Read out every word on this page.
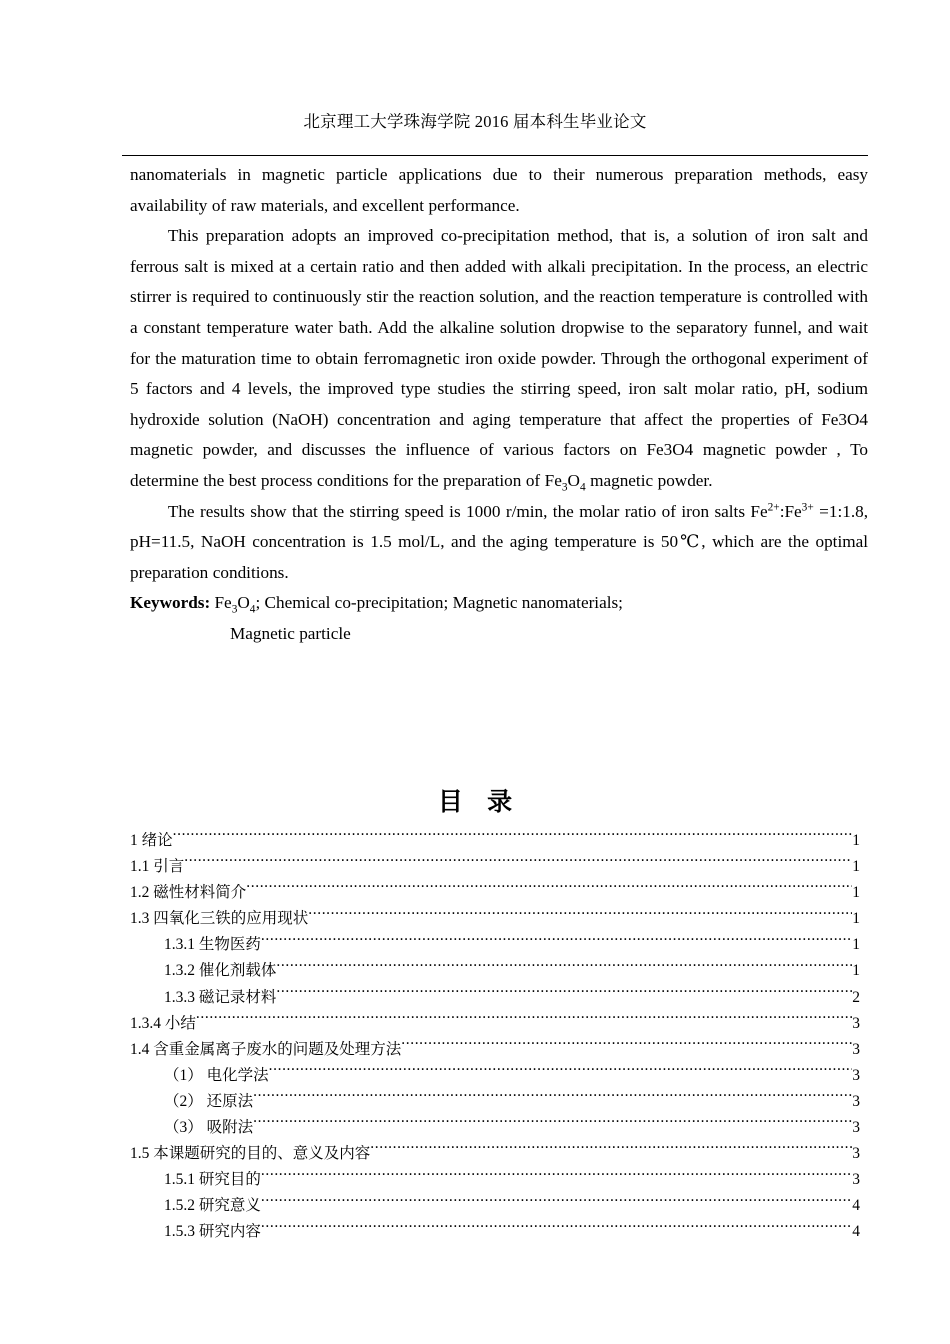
北京理工大学珠海学院 2016 届本科生毕业论文

nanomaterials in magnetic particle applications due to their numerous preparation methods, easy availability of raw materials, and excellent performance.

This preparation adopts an improved co-precipitation method, that is, a solution of iron salt and ferrous salt is mixed at a certain ratio and then added with alkali precipitation. In the process, an electric stirrer is required to continuously stir the reaction solution, and the reaction temperature is controlled with a constant temperature water bath. Add the alkaline solution dropwise to the separatory funnel, and wait for the maturation time to obtain ferromagnetic iron oxide powder. Through the orthogonal experiment of 5 factors and 4 levels, the improved type studies the stirring speed, iron salt molar ratio, pH, sodium hydroxide solution (NaOH) concentration and aging temperature that affect the properties of Fe3O4 magnetic powder, and discusses the influence of various factors on Fe3O4 magnetic powder , To determine the best process conditions for the preparation of $Fe_3O_4$ magnetic powder.

The results show that the stirring speed is 1000 r/min, the molar ratio of iron salts $Fe^{2+}:Fe^{3+}$ =1:1.8, pH=11.5, NaOH concentration is 1.5 mol/L, and the aging temperature is 50℃, which are the optimal preparation conditions.

Keywords: $Fe_3O_4$; Chemical co-precipitation; Magnetic nanomaterials;

Magnetic particle

目 录
1 绪论 .....	1
1.1 引言 .....	1
1.2 磁性材料简介 .....	1
1.3 四氧化三铁的应用现状 .....	1
1.3.1 生物医药 .....	1
1.3.2 催化剂载体 .....	1
1.3.3 磁记录材料 .....	2
1.3.4 小结 .....	3
1.4 含重金属离子废水的问题及处理方法 .....	3
（1） 电化学法 .....	3
（2） 还原法 .....	3
（3） 吸附法 .....	3
1.5 本课题研究的目的、意义及内容 .....	3
1.5.1 研究目的 .....	3
1.5.2 研究意义 .....	4
1.5.3 研究内容 .....	4
